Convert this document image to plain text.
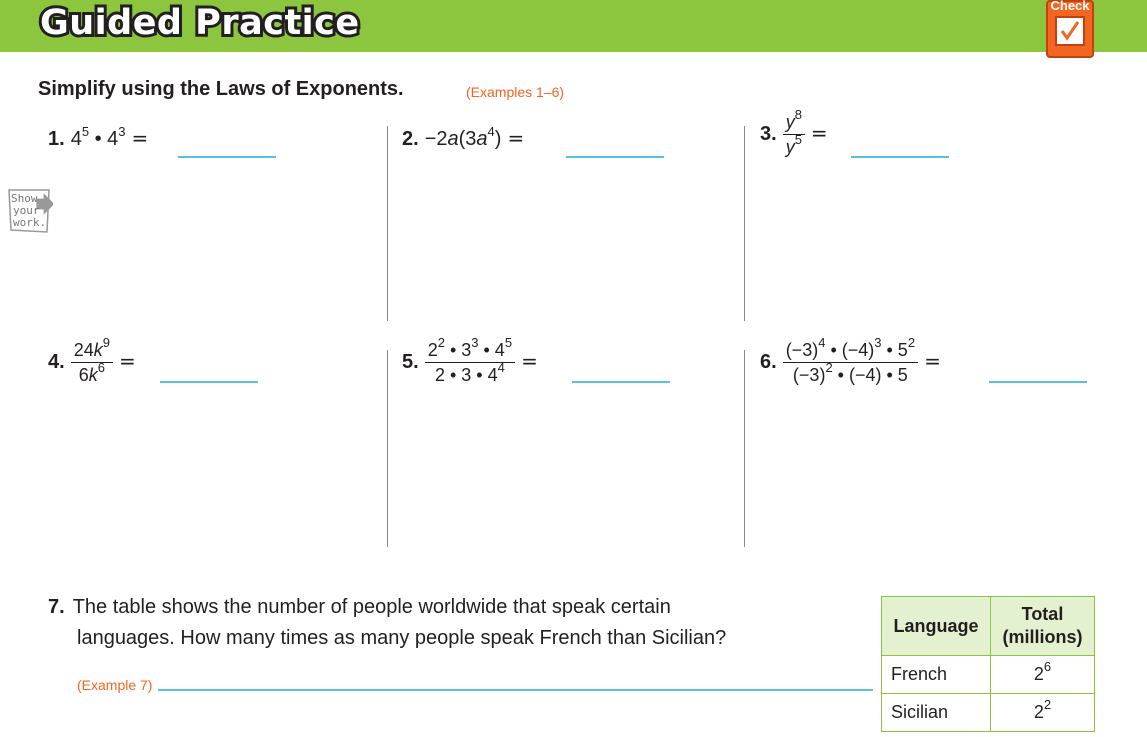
Guided Practice	Check
Simplify using the Laws of Exponents.	(Examples 1–6)
1. $4^5$ • $4^3$ =	2. $-2a(3a^4)$ =	3. $\frac{y^8}{y^5}$ =
Show
your
work.
4. $\frac{24k^9}{6k^6}$ =	5. $\frac{2^2 • 3^3 • 4^5}{2 • 3 • 4^4}$ =	6. $\frac{(-3)^4 • (-4)^3 • 5^2}{(-3)^2 • (-4) • 5}$ =
7. The table shows the number of people worldwide that speak certain
languages. How many times as many people speak French than Sicilian?
(Example 7)
Language	Total
(millions)
French	$2^6$
Sicilian	$2^2$
